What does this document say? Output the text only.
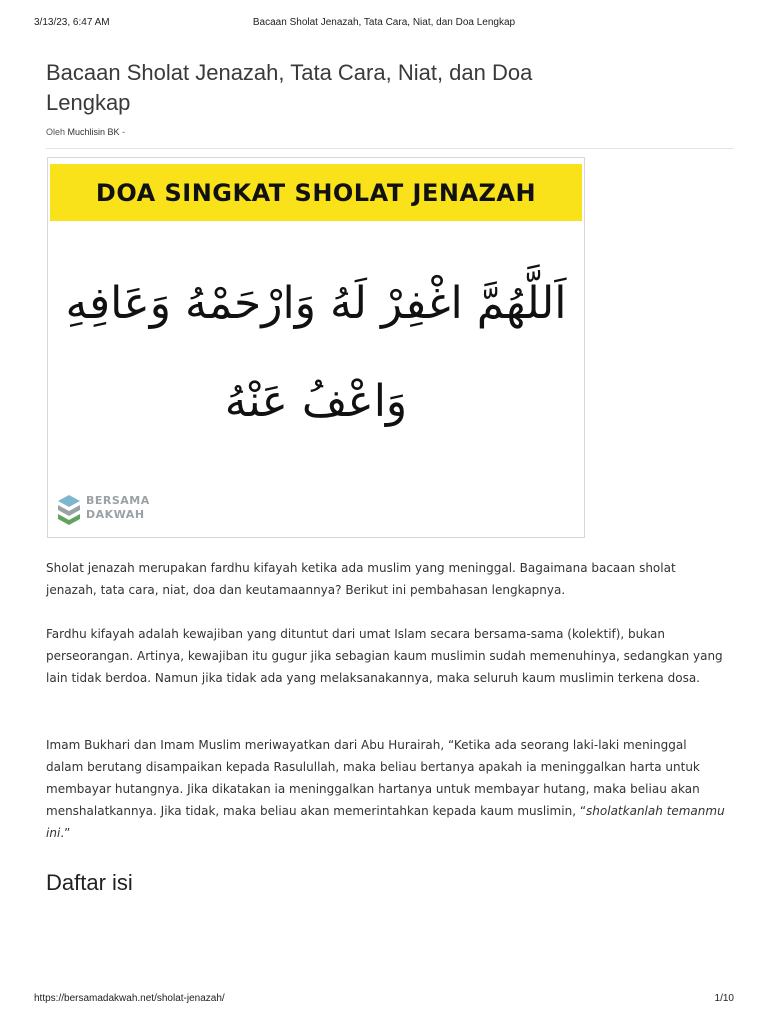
3/13/23, 6:47 AM	Bacaan Sholat Jenazah, Tata Cara, Niat, dan Doa Lengkap
Bacaan Sholat Jenazah, Tata Cara, Niat, dan Doa Lengkap
Oleh Muchlisin BK -
DOA SINGKAT SHOLAT JENAZAH
اَللَّهُمَّ اغْفِرْ لَهُ وَارْحَمْهُ وَعَافِهِ
وَاعْفُ عَنْهُ
BERSAMA
DAKWAH

Sholat jenazah merupakan fardhu kifayah ketika ada muslim yang meninggal. Bagaimana bacaan sholat jenazah, tata cara, niat, doa dan keutamaannya? Berikut ini pembahasan lengkapnya.

Fardhu kifayah adalah kewajiban yang dituntut dari umat Islam secara bersama-sama (kolektif), bukan perseorangan. Artinya, kewajiban itu gugur jika sebagian kaum muslimin sudah memenuhinya, sedangkan yang lain tidak berdoa. Namun jika tidak ada yang melaksanakannya, maka seluruh kaum muslimin terkena dosa.

Imam Bukhari dan Imam Muslim meriwayatkan dari Abu Hurairah, “Ketika ada seorang laki-laki meninggal dalam berutang disampaikan kepada Rasulullah, maka beliau bertanya apakah ia meninggalkan harta untuk membayar hutangnya. Jika dikatakan ia meninggalkan hartanya untuk membayar hutang, maka beliau akan menshalatkannya. Jika tidak, maka beliau akan memerintahkan kepada kaum muslimin, “sholatkanlah temanmu ini.”

Daftar isi
https://bersamadakwah.net/sholat-jenazah/	1/10
